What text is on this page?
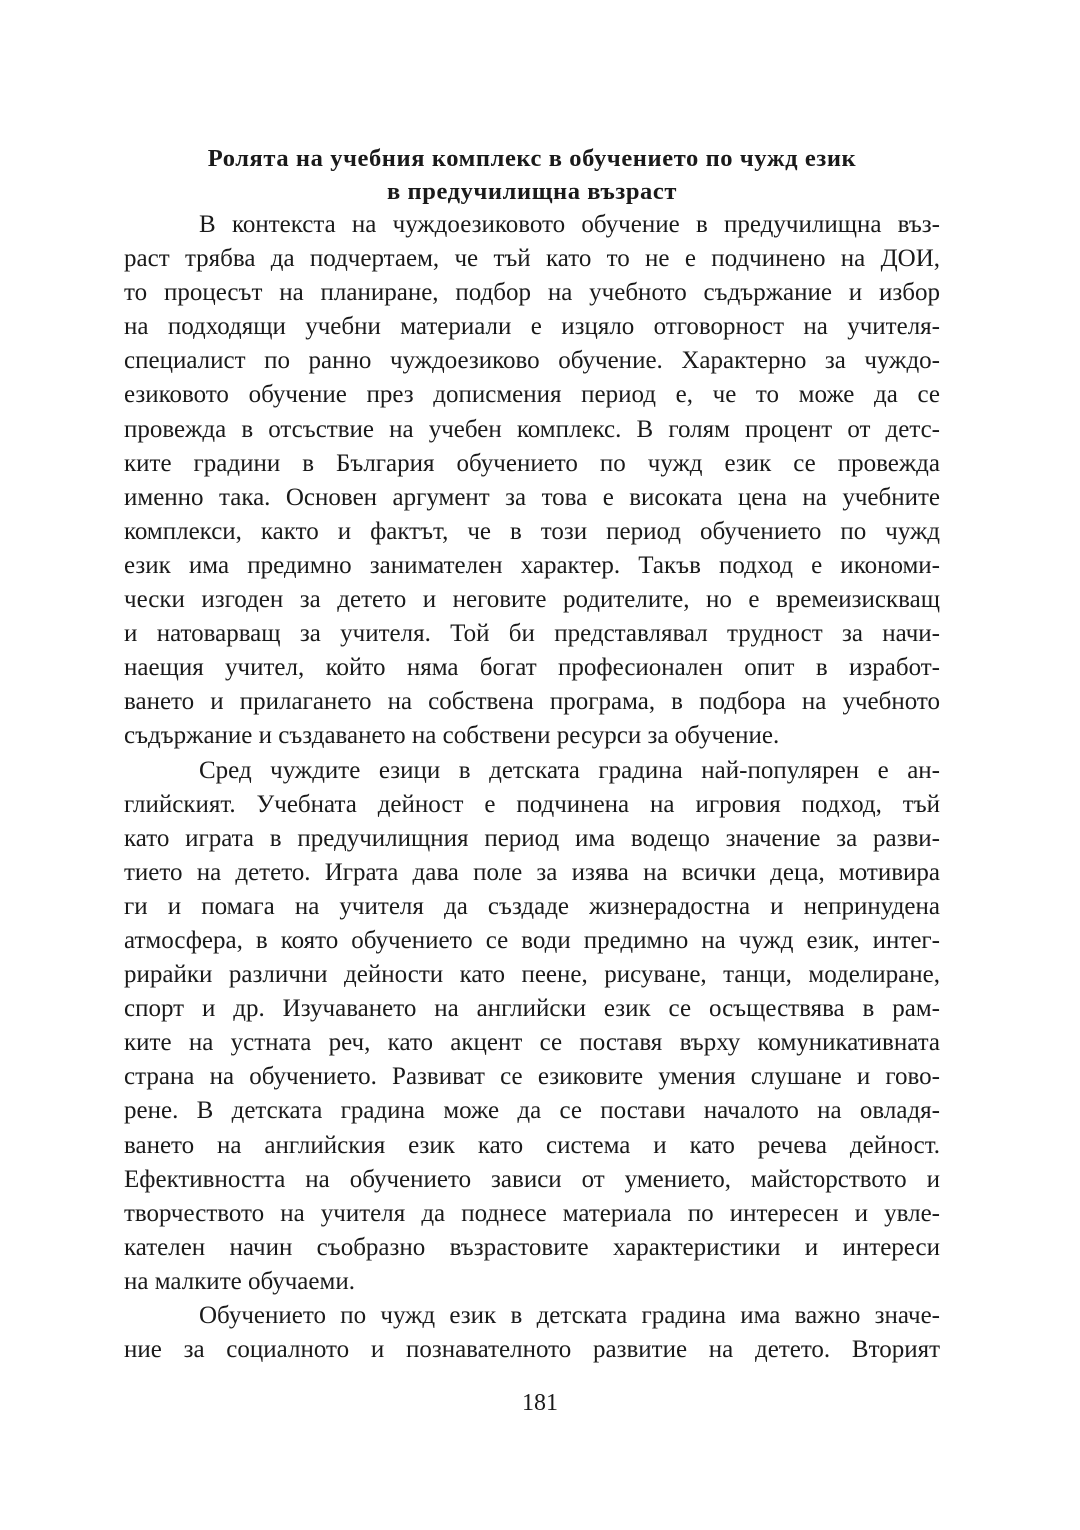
Ролята на учебния комплекс в обучението по чужд език
в предучилищна възраст
В контекста на чуждоезиковото обучение в предучилищна въз-
раст трябва да подчертаем, че тъй като то не е подчинено на ДОИ,
то процесът на планиране, подбор на учебното съдържание и избор
на подходящи учебни материали е изцяло отговорност на учителя-
специалист по ранно чуждоезиково обучение. Характерно за чуждо-
езиковото обучение през дописмения период е, че то може да се
провежда в отсъствие на учебен комплекс. В голям процент от детс-
ките градини в България обучението по чужд език се провежда
именно така. Основен аргумент за това е високата цена на учебните
комплекси, както и фактът, че в този период обучението по чужд
език има предимно занимателен характер. Такъв подход е икономи-
чески изгоден за детето и неговите родителите, но е времеизискващ
и натоварващ за учителя. Той би представлявал трудност за начи-
наещия учител, който няма богат професионален опит в изработ-
ването и прилагането на собствена програма, в подбора на учебното
съдържание и създаването на собствени ресурси за обучение.
Сред чуждите езици в детската градина най-популярен е ан-
глийският. Учебната дейност е подчинена на игровия подход, тъй
като играта в предучилищния период има водещо значение за разви-
тието на детето. Играта дава поле за изява на всички деца, мотивира
ги и помага на учителя да създаде жизнерадостна и непринудена
атмосфера, в която обучението се води предимно на чужд език, интег-
рирайки различни дейности като пеене, рисуване, танци, моделиране,
спорт и др. Изучаването на английски език се осъществява в рам-
ките на устната реч, като акцент се поставя върху комуникативната
страна на обучението. Развиват се езиковите умения слушане и гово-
рене. В детската градина може да се постави началото на овладя-
ването на английския език като система и като речева дейност.
Ефективността на обучението зависи от умението, майсторството и
творчеството на учителя да поднесе материала по интересен и увле-
кателен начин съобразно възрастовите характеристики и интереси
на малките обучаеми.
Обучението по чужд език в детската градина има важно значе-
ние за социалното и познавателното развитие на детето. Вторият
181
